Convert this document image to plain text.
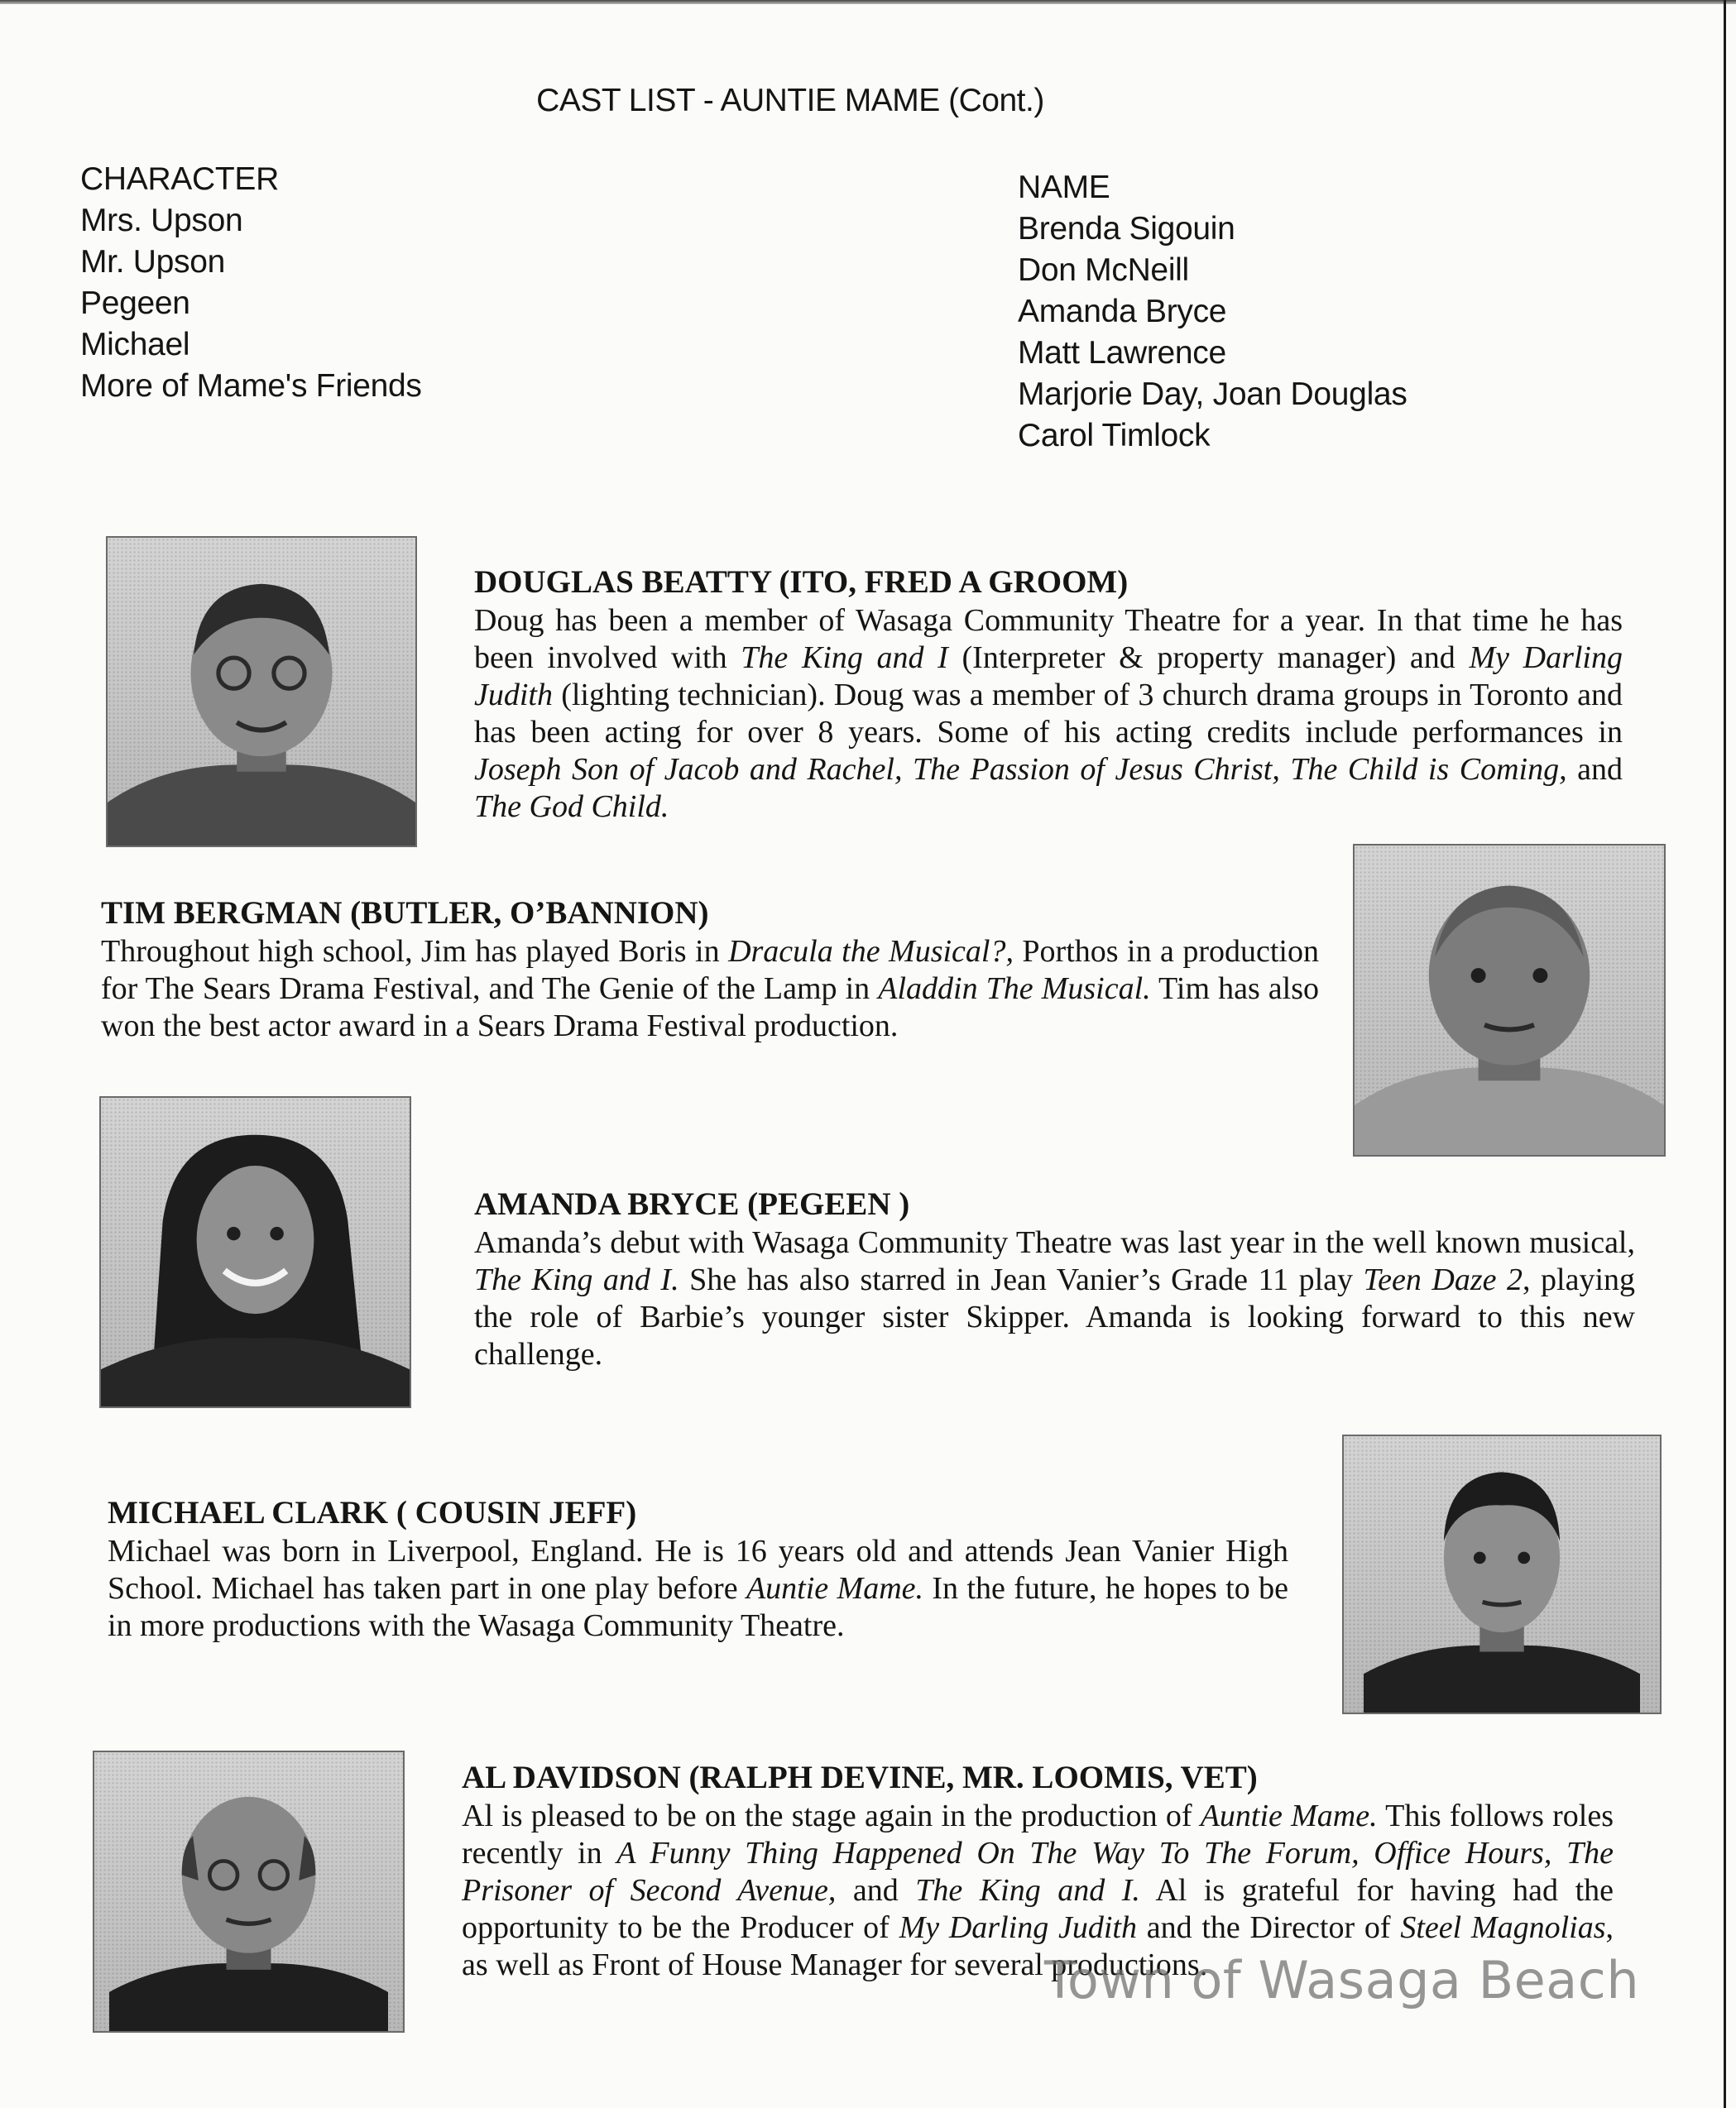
CAST LIST - AUNTIE MAME (Cont.)
CHARACTER
Mrs. Upson
Mr. Upson
Pegeen
Michael
More of Mame's Friends
NAME
Brenda Sigouin
Don McNeill
Amanda Bryce
Matt Lawrence
Marjorie Day, Joan Douglas
Carol Timlock
DOUGLAS BEATTY (ITO, FRED A GROOM)

Doug has been a member of Wasaga Community Theatre for a year. In that time he has been involved with The King and I (Interpreter & property manager) and My Darling Judith (lighting technician). Doug was a member of 3 church drama groups in Toronto and has been acting for over 8 years. Some of his acting credits include performances in Joseph Son of Jacob and Rachel, The Passion of Jesus Christ, The Child is Coming, and The God Child.

TIM BERGMAN (BUTLER, O’BANNION)

Throughout high school, Jim has played Boris in Dracula the Musical?, Porthos in a production for The Sears Drama Festival, and The Genie of the Lamp in Aladdin The Musical. Tim has also won the best actor award in a Sears Drama Festival production.

AMANDA BRYCE (PEGEEN )

Amanda’s debut with Wasaga Community Theatre was last year in the well known musical, The King and I. She has also starred in Jean Vanier’s Grade 11 play Teen Daze 2, playing the role of Barbie’s younger sister Skipper. Amanda is looking forward to this new challenge.

MICHAEL CLARK ( COUSIN JEFF)

Michael was born in Liverpool, England. He is 16 years old and attends Jean Vanier High School. Michael has taken part in one play before Auntie Mame. In the future, he hopes to be in more productions with the Wasaga Community Theatre.

AL DAVIDSON (RALPH DEVINE, MR. LOOMIS, VET)

Al is pleased to be on the stage again in the production of Auntie Mame. This follows roles recently in A Funny Thing Happened On The Way To The Forum, Office Hours, The Prisoner of Second Avenue, and The King and I. Al is grateful for having had the opportunity to be the Producer of My Darling Judith and the Director of Steel Magnolias, as well as Front of House Manager for several productions.

Town of Wasaga Beach
